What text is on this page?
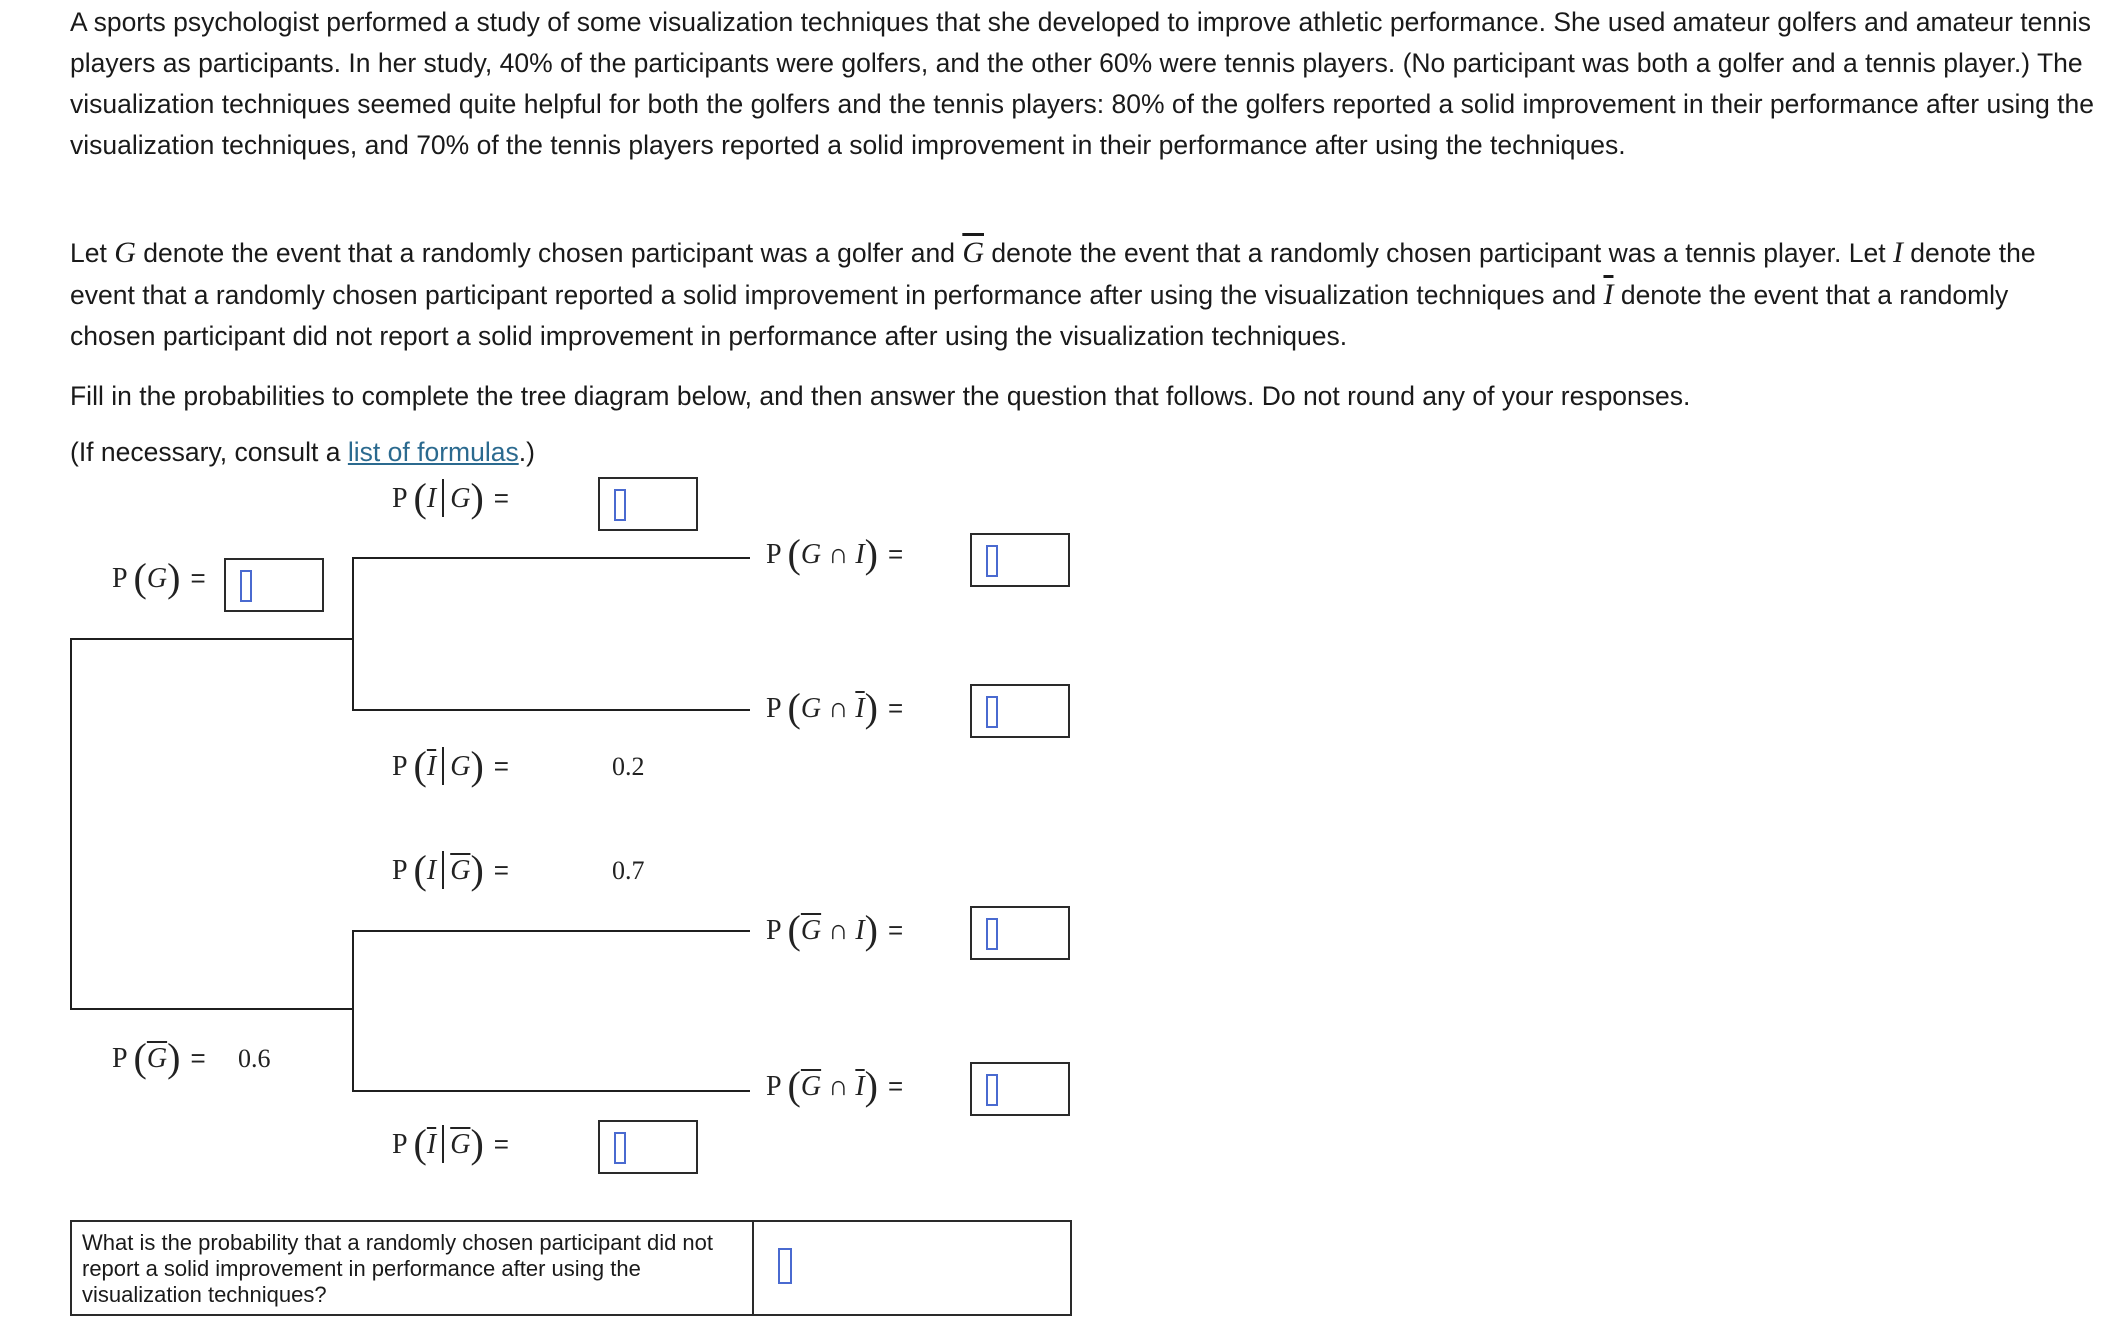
A sports psychologist performed a study of some visualization techniques that she developed to improve athletic performance. She used amateur golfers and amateur tennis players as participants. In her study, 40% of the participants were golfers, and the other 60% were tennis players. (No participant was both a golfer and a tennis player.) The visualization techniques seemed quite helpful for both the golfers and the tennis players: 80% of the golfers reported a solid improvement in their performance after using the visualization techniques, and 70% of the tennis players reported a solid improvement in their performance after using the techniques.

Let G denote the event that a randomly chosen participant was a golfer and $\overline{G}$ denote the event that a randomly chosen participant was a tennis player. Let I denote the event that a randomly chosen participant reported a solid improvement in performance after using the visualization techniques and $\overline{I}$ denote the event that a randomly chosen participant did not report a solid improvement in performance after using the visualization techniques.

Fill in the probabilities to complete the tree diagram below, and then answer the question that follows. Do not round any of your responses.

(If necessary, consult a list of formulas.)

P (I G) =
P (G) =
P (G ∩ I) =
P (G ∩ $\overline{I}$) =
P ($\overline{I}$ G) =	0.2
P (I $\overline{G}$) =	0.7
P ($\overline{G}$ ∩ I) =
P $(\overline{G}) = 0.6$
P ($\overline{G}$ ∩ $\overline{I}$) =
P ($\overline{I}$ $\overline{G}$) =
What is the probability that a randomly chosen participant did not report a solid improvement in performance after using the visualization techniques?
